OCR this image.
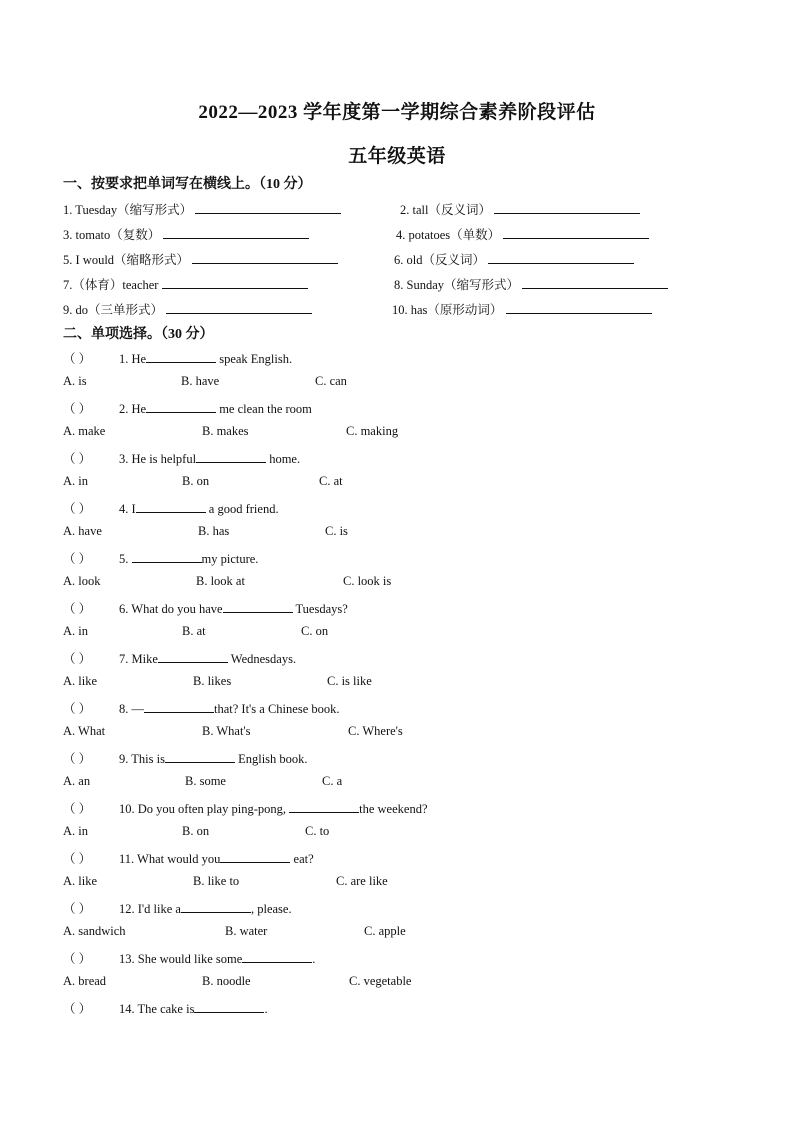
2022—2023 学年度第一学期综合素养阶段评估
五年级英语
一、按要求把单词写在横线上。（10 分）
1. Tuesday（缩写形式）	2. tall（反义词）
3. tomato（复数）	4. potatoes（单数）
5. I would（缩略形式）	6. old（反义词）
7.（体育）teacher	8. Sunday（缩写形式）
9. do（三单形式）	10. has（原形动词）
二、单项选择。（30 分）
（ ） 1. He	speak English.
A. is	B. have	C. can
（ ） 2. He	me clean the room
A. make	B. makes	C. making
（ ） 3. He is helpful	home.
A. in	B. on	C. at
（ ） 4. I	a good friend.
A. have	B. has	C. is
（ ） 5.	my picture.
A. look	B. look at	C. look is
（ ） 6. What do you have	Tuesdays?
A. in	B. at	C. on
（ ） 7. Mike	Wednesdays.
A. like	B. likes	C. is like
（ ） 8. —	that? It's a Chinese book.
A. What	B. What's	C. Where's
（ ） 9. This is	English book.
A. an	B. some	C. a
（ ） 10. Do you often play ping-pong,	the weekend?
A. in	B. on	C. to
（ ） 11. What would you	eat?
A. like	B. like to	C. are like
（ ） 12. I'd like a	, please.
A. sandwich	B. water	C. apple
（ ） 13. She would like some	.
A. bread	B. noodle	C. vegetable
（ ） 14. The cake is	.
